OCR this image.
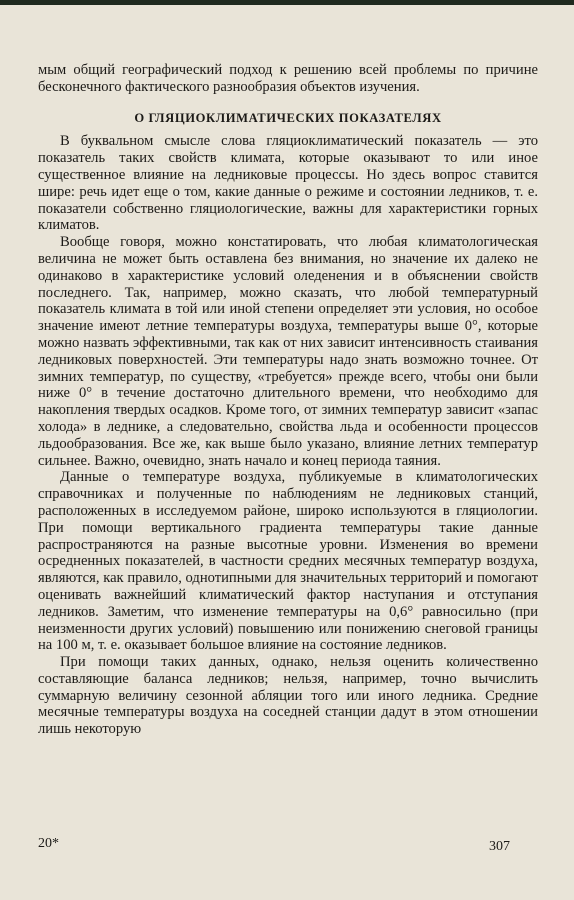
мым общий географический подход к решению всей проблемы по причине бесконечного фактического разнообразия объектов изучения.

О ГЛЯЦИОКЛИМАТИЧЕСКИХ ПОКАЗАТЕЛЯХ

В буквальном смысле слова гляциоклиматический показатель — это показатель таких свойств климата, которые оказывают то или иное существенное влияние на ледниковые процессы. Но здесь вопрос ставится шире: речь идет еще о том, какие данные о режиме и состоянии ледников, т. е. показатели собственно гляциологические, важны для характеристики горных климатов.

Вообще говоря, можно констатировать, что любая климатологическая величина не может быть оставлена без внимания, но значение их далеко не одинаково в характеристике условий оледенения и в объяснении свойств последнего. Так, например, можно сказать, что любой температурный показатель климата в той или иной степени определяет эти условия, но особое значение имеют летние температуры воздуха, температуры выше 0°, которые можно назвать эффективными, так как от них зависит интенсивность стаивания ледниковых поверхностей. Эти температуры надо знать возможно точнее. От зимних температур, по существу, «требуется» прежде всего, чтобы они были ниже 0° в течение достаточно длительного времени, что необходимо для накопления твердых осадков. Кроме того, от зимних температур зависит «запас холода» в леднике, а следовательно, свойства льда и особенности процессов льдообразования. Все же, как выше было указано, влияние летних температур сильнее. Важно, очевидно, знать начало и конец периода таяния.

Данные о температуре воздуха, публикуемые в климатологических справочниках и полученные по наблюдениям не ледниковых станций, расположенных в исследуемом районе, широко используются в гляциологии. При помощи вертикального градиента температуры такие данные распространяются на разные высотные уровни. Изменения во времени осредненных показателей, в частности средних месячных температур воздуха, являются, как правило, однотипными для значительных территорий и помогают оценивать важнейший климатический фактор наступания и отступания ледников. Заметим, что изменение температуры на 0,6° равносильно (при неизменности других условий) повышению или понижению снеговой границы на 100 м, т. е. оказывает большое влияние на состояние ледников.

При помощи таких данных, однако, нельзя оценить количественно составляющие баланса ледников; нельзя, например, точно вычислить суммарную величину сезонной абляции того или иного ледника. Средние месячные температуры воздуха на соседней станции дадут в этом отношении лишь некоторую

20*	307
